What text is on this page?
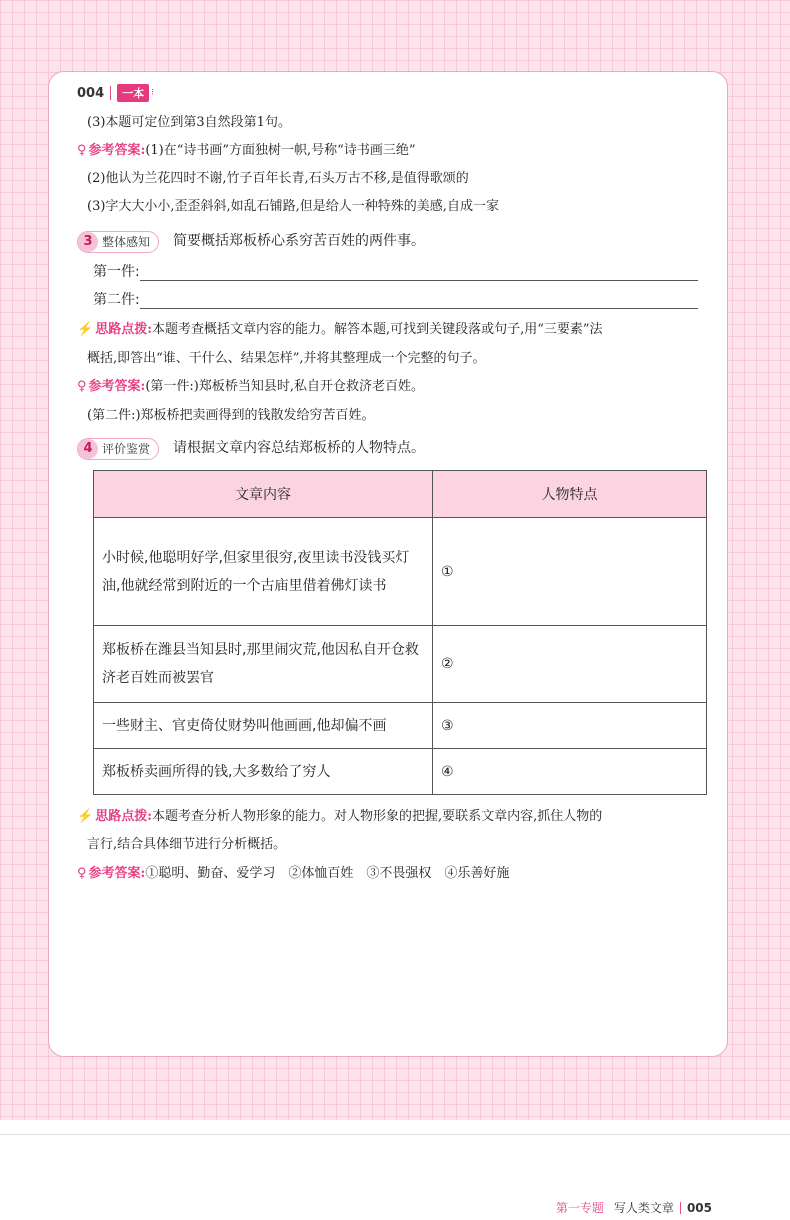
004	一本 ⁝
(3)本题可定位到第3自然段第1句。
♀ 参考答案:(1)在“诗书画”方面独树一帜,号称“诗书画三绝”
(2)他认为兰花四时不谢,竹子百年长青,石头万古不移,是值得歌颂的
(3)字大大小小,歪歪斜斜,如乱石铺路,但是给人一种特殊的美感,自成一家
3 整体感知 简要概括郑板桥心系穷苦百姓的两件事。
第一件:
第二件:
⚡ 思路点拨:本题考查概括文章内容的能力。解答本题,可找到关键段落或句子,用“三要素”法
概括,即答出“谁、干什么、结果怎样”,并将其整理成一个完整的句子。
♀ 参考答案:(第一件:)郑板桥当知县时,私自开仓救济老百姓。
(第二件:)郑板桥把卖画得到的钱散发给穷苦百姓。
4 评价鉴赏 请根据文章内容总结郑板桥的人物特点。
文章内容	人物特点
小时候,他聪明好学,但家里很穷,夜里读书没钱买灯油,他就经常到附近的一个古庙里借着佛灯读书	①
郑板桥在潍县当知县时,那里闹灾荒,他因私自开仓救济老百姓而被罢官	②
一些财主、官吏倚仗财势叫他画画,他却偏不画	③
郑板桥卖画所得的钱,大多数给了穷人	④
⚡ 思路点拨:本题考查分析人物形象的能力。对人物形象的把握,要联系文章内容,抓住人物的
言行,结合具体细节进行分析概括。
♀ 参考答案:①聪明、勤奋、爱学习　②体恤百姓　③不畏强权　④乐善好施
第一专题 写人类文章 005
